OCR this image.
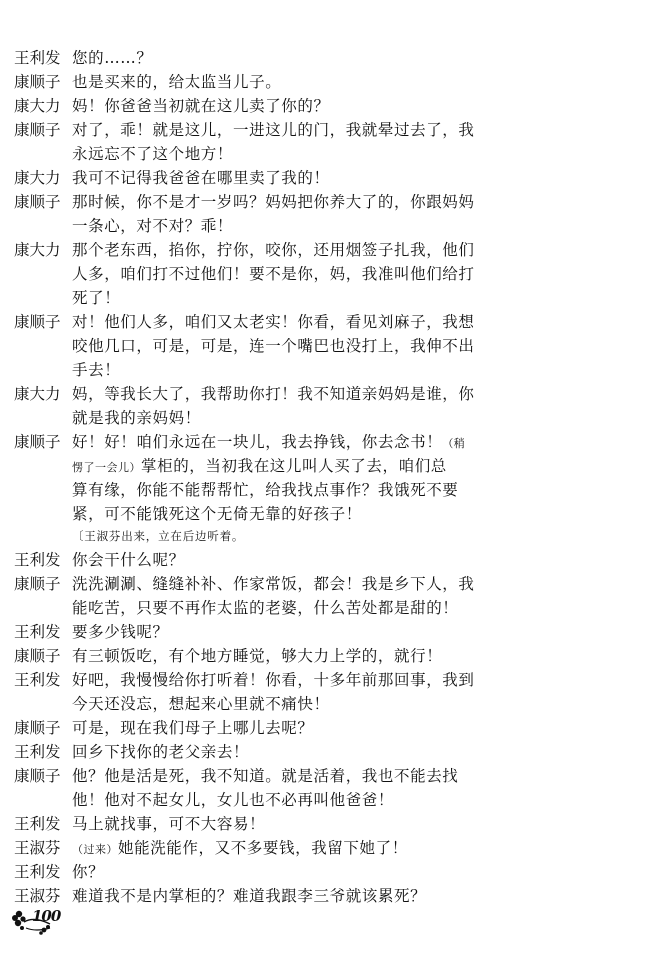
王利发 您的……？
康顺子 也是买来的，给太监当儿子。
康大力 妈！你爸爸当初就在这儿卖了你的？
康顺子 对了，乖！就是这儿，一进这儿的门，我就晕过去了，我
永远忘不了这个地方！
康大力 我可不记得我爸爸在哪里卖了我的！
康顺子 那时候，你不是才一岁吗？妈妈把你养大了的，你跟妈妈
一条心，对不对？乖！
康大力 那个老东西，掐你，拧你，咬你，还用烟签子扎我，他们
人多，咱们打不过他们！要不是你，妈，我准叫他们给打
死了！
康顺子 对！他们人多，咱们又太老实！你看，看见刘麻子，我想
咬他几口，可是，可是，连一个嘴巴也没打上，我伸不出
手去！
康大力 妈，等我长大了，我帮助你打！我不知道亲妈妈是谁，你
就是我的亲妈妈！
康顺子 好！好！咱们永远在一块儿，我去挣钱，你去念书！（稍
愣了一会儿）掌柜的，当初我在这儿叫人买了去，咱们总
算有缘，你能不能帮帮忙，给我找点事作？我饿死不要
紧，可不能饿死这个无倚无靠的好孩子！
〔王淑芬出来，立在后边听着。
王利发 你会干什么呢？
康顺子 洗洗涮涮、缝缝补补、作家常饭，都会！我是乡下人，我
能吃苦，只要不再作太监的老婆，什么苦处都是甜的！
王利发 要多少钱呢？
康顺子 有三顿饭吃，有个地方睡觉，够大力上学的，就行！
王利发 好吧，我慢慢给你打听着！你看，十多年前那回事，我到
今天还没忘，想起来心里就不痛快！
康顺子 可是，现在我们母子上哪儿去呢？
王利发 回乡下找你的老父亲去！
康顺子 他？他是活是死，我不知道。就是活着，我也不能去找
他！他对不起女儿，女儿也不必再叫他爸爸！
王利发 马上就找事，可不大容易！
王淑芬 （过来）她能洗能作，又不多要钱，我留下她了！
王利发 你？
王淑芬 难道我不是内掌柜的？难道我跟李三爷就该累死？
100
